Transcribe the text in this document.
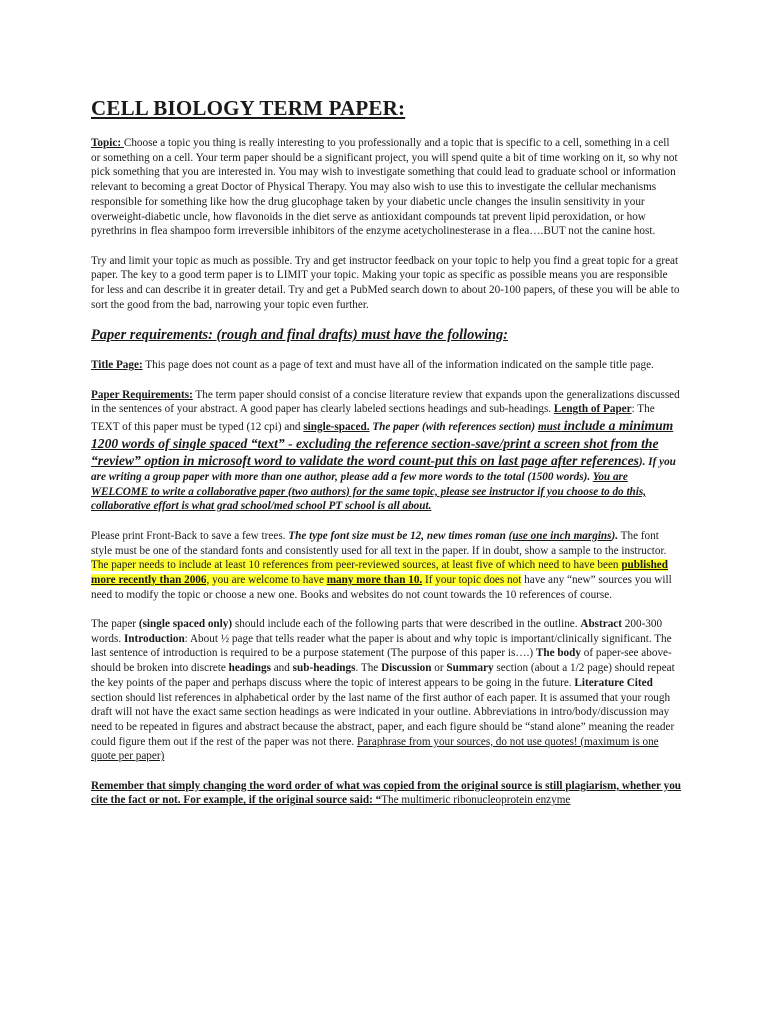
CELL BIOLOGY TERM PAPER:

Topic: Choose a topic you thing is really interesting to you professionally and a topic that is specific to a cell, something in a cell or something on a cell. Your term paper should be a significant project, you will spend quite a bit of time working on it, so why not pick something that you are interested in. You may wish to investigate something that could lead to graduate school or information relevant to becoming a great Doctor of Physical Therapy. You may also wish to use this to investigate the cellular mechanisms responsible for something like how the drug glucophage taken by your diabetic uncle changes the insulin sensitivity in your overweight-diabetic uncle, how flavonoids in the diet serve as antioxidant compounds tat prevent lipid peroxidation, or how pyrethrins in flea shampoo form irreversible inhibitors of the enzyme acetycholinesterase in a flea….BUT not the canine host.

Try and limit your topic as much as possible. Try and get instructor feedback on your topic to help you find a great topic for a great paper. The key to a good term paper is to LIMIT your topic. Making your topic as specific as possible means you are responsible for less and can describe it in greater detail. Try and get a PubMed search down to about 20-100 papers, of these you will be able to sort the good from the bad, narrowing your topic even further.

Paper requirements: (rough and final drafts) must have the following:

Title Page: This page does not count as a page of text and must have all of the information indicated on the sample title page.

Paper Requirements: The term paper should consist of a concise literature review that expands upon the generalizations discussed in the sentences of your abstract. A good paper has clearly labeled sections headings and sub-headings. Length of Paper: The TEXT of this paper must be typed (12 cpi) and single-spaced. The paper (with references section) must include a minimum 1200 words of single spaced “text” - excluding the reference section-save/print a screen shot from the “review” option in microsoft word to validate the word count-put this on last page after references). If you are writing a group paper with more than one author, please add a few more words to the total (1500 words). You are WELCOME to write a collaborative paper (two authors) for the same topic, please see instructor if you choose to do this, collaborative effort is what grad school/med school PT school is all about.

Please print Front-Back to save a few trees. The type font size must be 12, new times roman (use one inch margins). The font style must be one of the standard fonts and consistently used for all text in the paper. If in doubt, show a sample to the instructor. The paper needs to include at least 10 references from peer-reviewed sources, at least five of which need to have been published more recently than 2006, you are welcome to have many more than 10. If your topic does not have any “new” sources you will need to modify the topic or choose a new one. Books and websites do not count towards the 10 references of course.

The paper (single spaced only) should include each of the following parts that were described in the outline. Abstract 200-300 words. Introduction: About ½ page that tells reader what the paper is about and why topic is important/clinically significant. The last sentence of introduction is required to be a purpose statement (The purpose of this paper is….) The body of paper-see above- should be broken into discrete headings and sub-headings. The Discussion or Summary section (about a 1/2 page) should repeat the key points of the paper and perhaps discuss where the topic of interest appears to be going in the future. Literature Cited section should list references in alphabetical order by the last name of the first author of each paper. It is assumed that your rough draft will not have the exact same section headings as were indicated in your outline. Abbreviations in intro/body/discussion may need to be repeated in figures and abstract because the abstract, paper, and each figure should be “stand alone” meaning the reader could figure them out if the rest of the paper was not there. Paraphrase from your sources, do not use quotes! (maximum is one quote per paper)

Remember that simply changing the word order of what was copied from the original source is still plagiarism, whether you cite the fact or not. For example, if the original source said: “The multimeric ribonucleoprotein enzyme
